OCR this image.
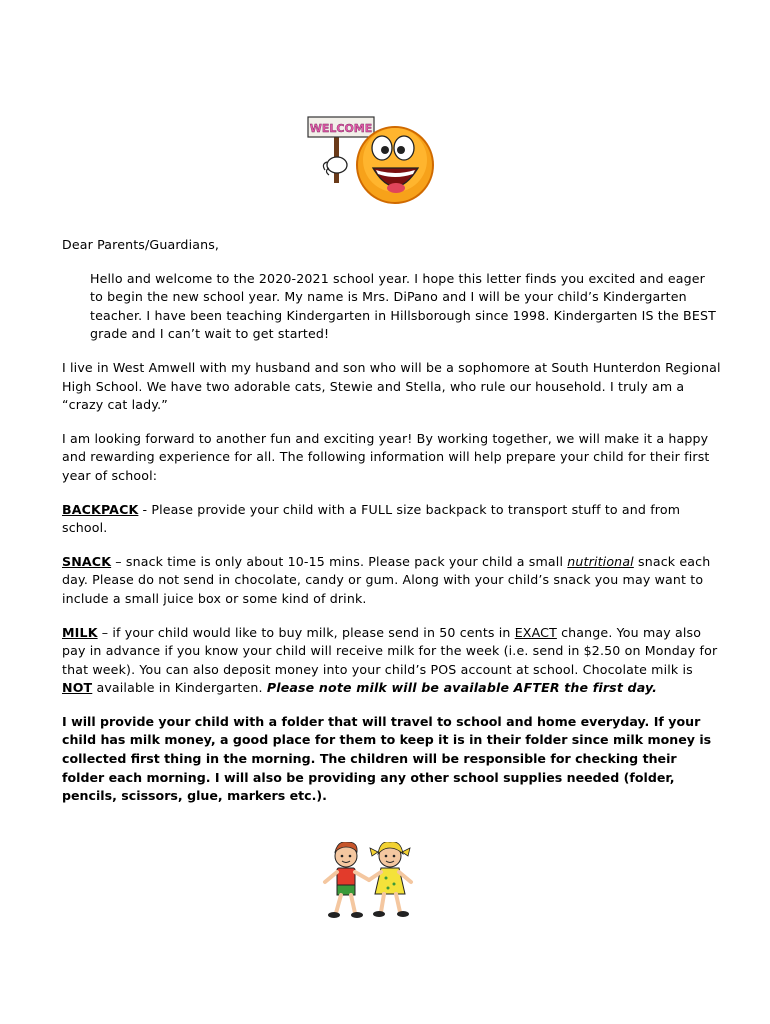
WELCOME

Dear Parents/Guardians,

Hello and welcome to the 2020-2021 school year. I hope this letter finds you excited and eager to begin the new school year. My name is Mrs. DiPano and I will be your child’s Kindergarten teacher. I have been teaching Kindergarten in Hillsborough since 1998. Kindergarten IS the BEST grade and I can’t wait to get started!

I live in West Amwell with my husband and son who will be a sophomore at South Hunterdon Regional High School. We have two adorable cats, Stewie and Stella, who rule our household. I truly am a “crazy cat lady.”

I am looking forward to another fun and exciting year! By working together, we will make it a happy and rewarding experience for all. The following information will help prepare your child for their first year of school:

BACKPACK - Please provide your child with a FULL size backpack to transport stuff to and from school.

SNACK – snack time is only about 10-15 mins. Please pack your child a small nutritional snack each day. Please do not send in chocolate, candy or gum. Along with your child’s snack you may want to include a small juice box or some kind of drink.

MILK – if your child would like to buy milk, please send in 50 cents in EXACT change. You may also pay in advance if you know your child will receive milk for the week (i.e. send in $2.50 on Monday for that week). You can also deposit money into your child’s POS account at school. Chocolate milk is NOT available in Kindergarten. Please note milk will be available AFTER the first day.

I will provide your child with a folder that will travel to school and home everyday. If your child has milk money, a good place for them to keep it is in their folder since milk money is collected first thing in the morning. The children will be responsible for checking their folder each morning. I will also be providing any other school supplies needed (folder, pencils, scissors, glue, markers etc.).
